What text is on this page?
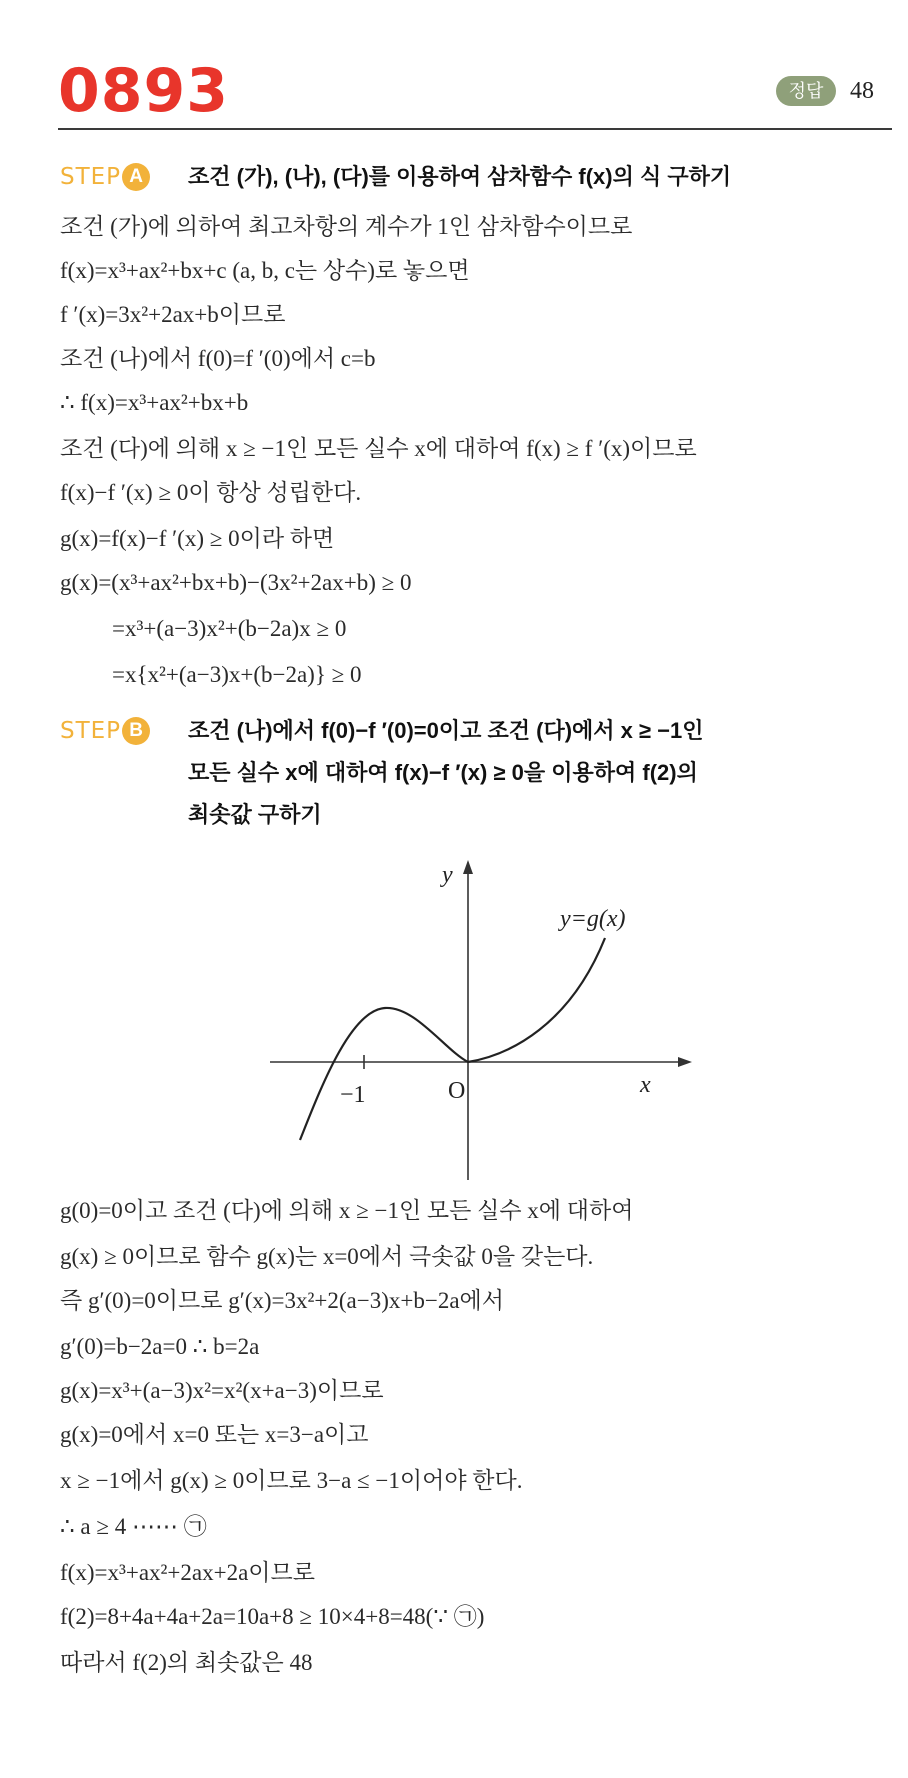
0893	정답	48
STEP A	조건 (가), (나), (다)를 이용하여 삼차함수 f(x)의 식 구하기
조건 (가)에 의하여 최고차항의 계수가 1인 삼차함수이므로
f(x)=x³+ax²+bx+c (a, b, c는 상수)로 놓으면
f ′(x)=3x²+2ax+b이므로
조건 (나)에서 f(0)=f ′(0)에서 c=b
∴ f(x)=x³+ax²+bx+b
조건 (다)에 의해 x ≥ −1인 모든 실수 x에 대하여 f(x) ≥ f ′(x)이므로
f(x)−f ′(x) ≥ 0이 항상 성립한다.
g(x)=f(x)−f ′(x) ≥ 0이라 하면
g(x)=(x³+ax²+bx+b)−(3x²+2ax+b) ≥ 0
=x³+(a−3)x²+(b−2a)x ≥ 0
=x{x²+(a−3)x+(b−2a)} ≥ 0
STEP B	조건 (나)에서 f(0)−f ′(0)=0이고 조건 (다)에서 x ≥ −1인
모든 실수 x에 대하여 f(x)−f ′(x) ≥ 0을 이용하여 f(2)의
최솟값 구하기
y
x
O
−1
y=g(x)
g(0)=0이고 조건 (다)에 의해 x ≥ −1인 모든 실수 x에 대하여
g(x) ≥ 0이므로 함수 g(x)는 x=0에서 극솟값 0을 갖는다.
즉 g′(0)=0이므로 g′(x)=3x²+2(a−3)x+b−2a에서
g′(0)=b−2a=0 ∴ b=2a
g(x)=x³+(a−3)x²=x²(x+a−3)이므로
g(x)=0에서 x=0 또는 x=3−a이고
x ≥ −1에서 g(x) ≥ 0이므로 3−a ≤ −1이어야 한다.
∴ a ≥ 4 ⋯⋯ ㉠
f(x)=x³+ax²+2ax+2a이므로
f(2)=8+4a+4a+2a=10a+8 ≥ 10×4+8=48(∵ ㉠)
따라서 f(2)의 최솟값은 48
